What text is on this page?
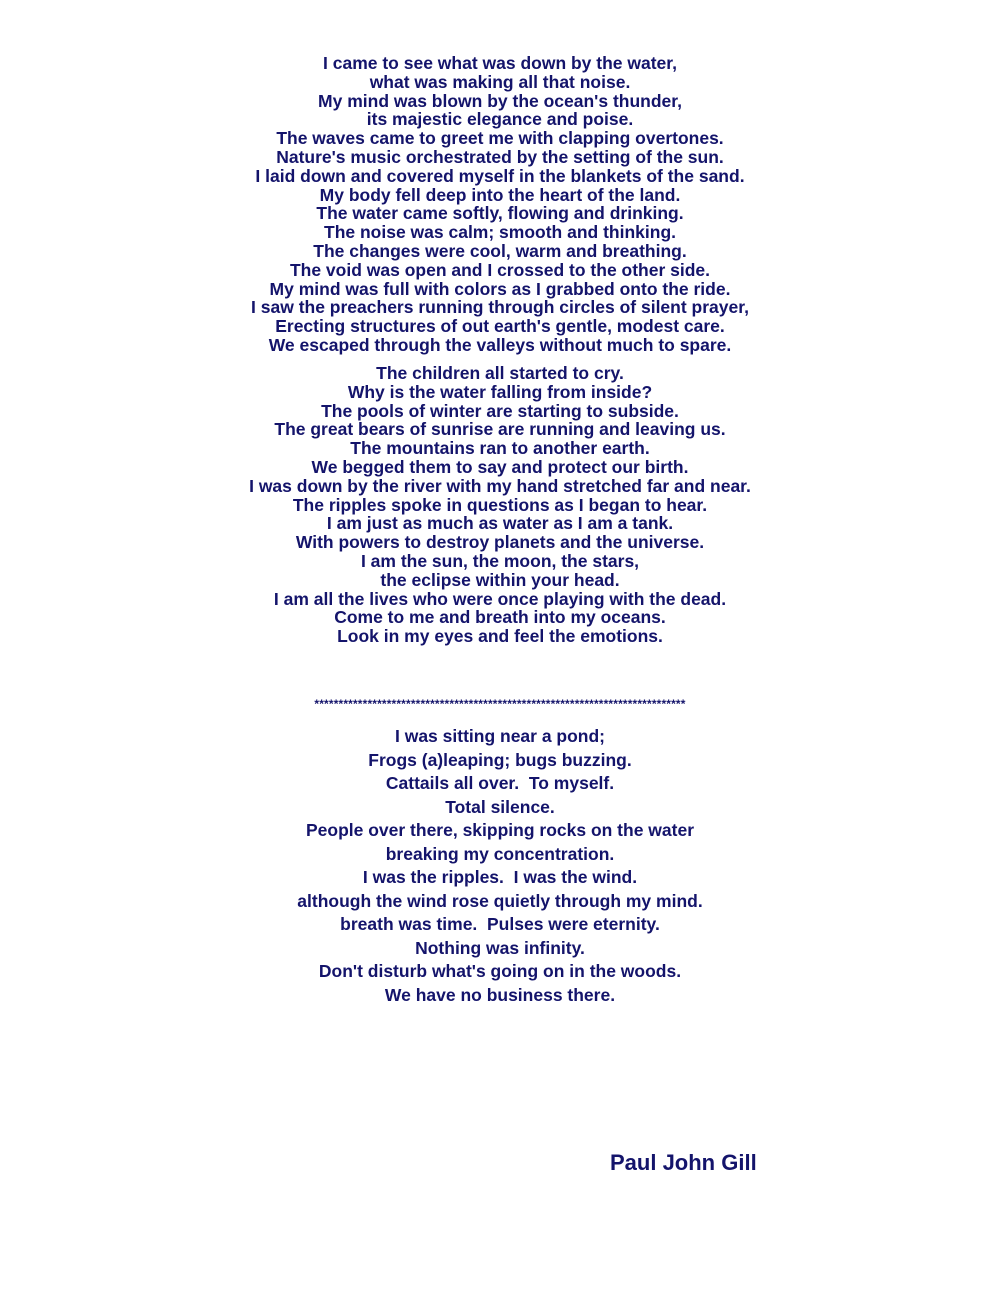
I came to see what was down by the water,
what was making all that noise.
My mind was blown by the ocean's thunder,
its majestic elegance and poise.
The waves came to greet me with clapping overtones.
Nature's music orchestrated by the setting of the sun.
I laid down and covered myself in the blankets of the sand.
My body fell deep into the heart of the land.
The water came softly, flowing and drinking.
The noise was calm; smooth and thinking.
The changes were cool, warm and breathing.
The void was open and I crossed to the other side.
My mind was full with colors as I grabbed onto the ride.
I saw the preachers running through circles of silent prayer,
Erecting structures of out earth's gentle, modest care.
We escaped through the valleys without much to spare.
The children all started to cry.
Why is the water falling from inside?
The pools of winter are starting to subside.
The great bears of sunrise are running and leaving us.
The mountains ran to another earth.
We begged them to say and protect our birth.
I was down by the river with my hand stretched far and near.
The ripples spoke in questions as I began to hear.
I am just as much as water as I am a tank.
With powers to destroy planets and the universe.
I am the sun, the moon, the stars,
the eclipse within your head.
I am all the lives who were once playing with the dead.
Come to me and breath into my oceans.
Look in my eyes and feel the emotions.
*****************************************************************************
I was sitting near a pond;
Frogs (a)leaping; bugs buzzing.
Cattails all over.  To myself.
Total silence.
People over there, skipping rocks on the water
breaking my concentration.
I was the ripples.  I was the wind.
although the wind rose quietly through my mind.
breath was time.  Pulses were eternity.
Nothing was infinity.
Don't disturb what's going on in the woods.
We have no business there.
Paul John Gill
